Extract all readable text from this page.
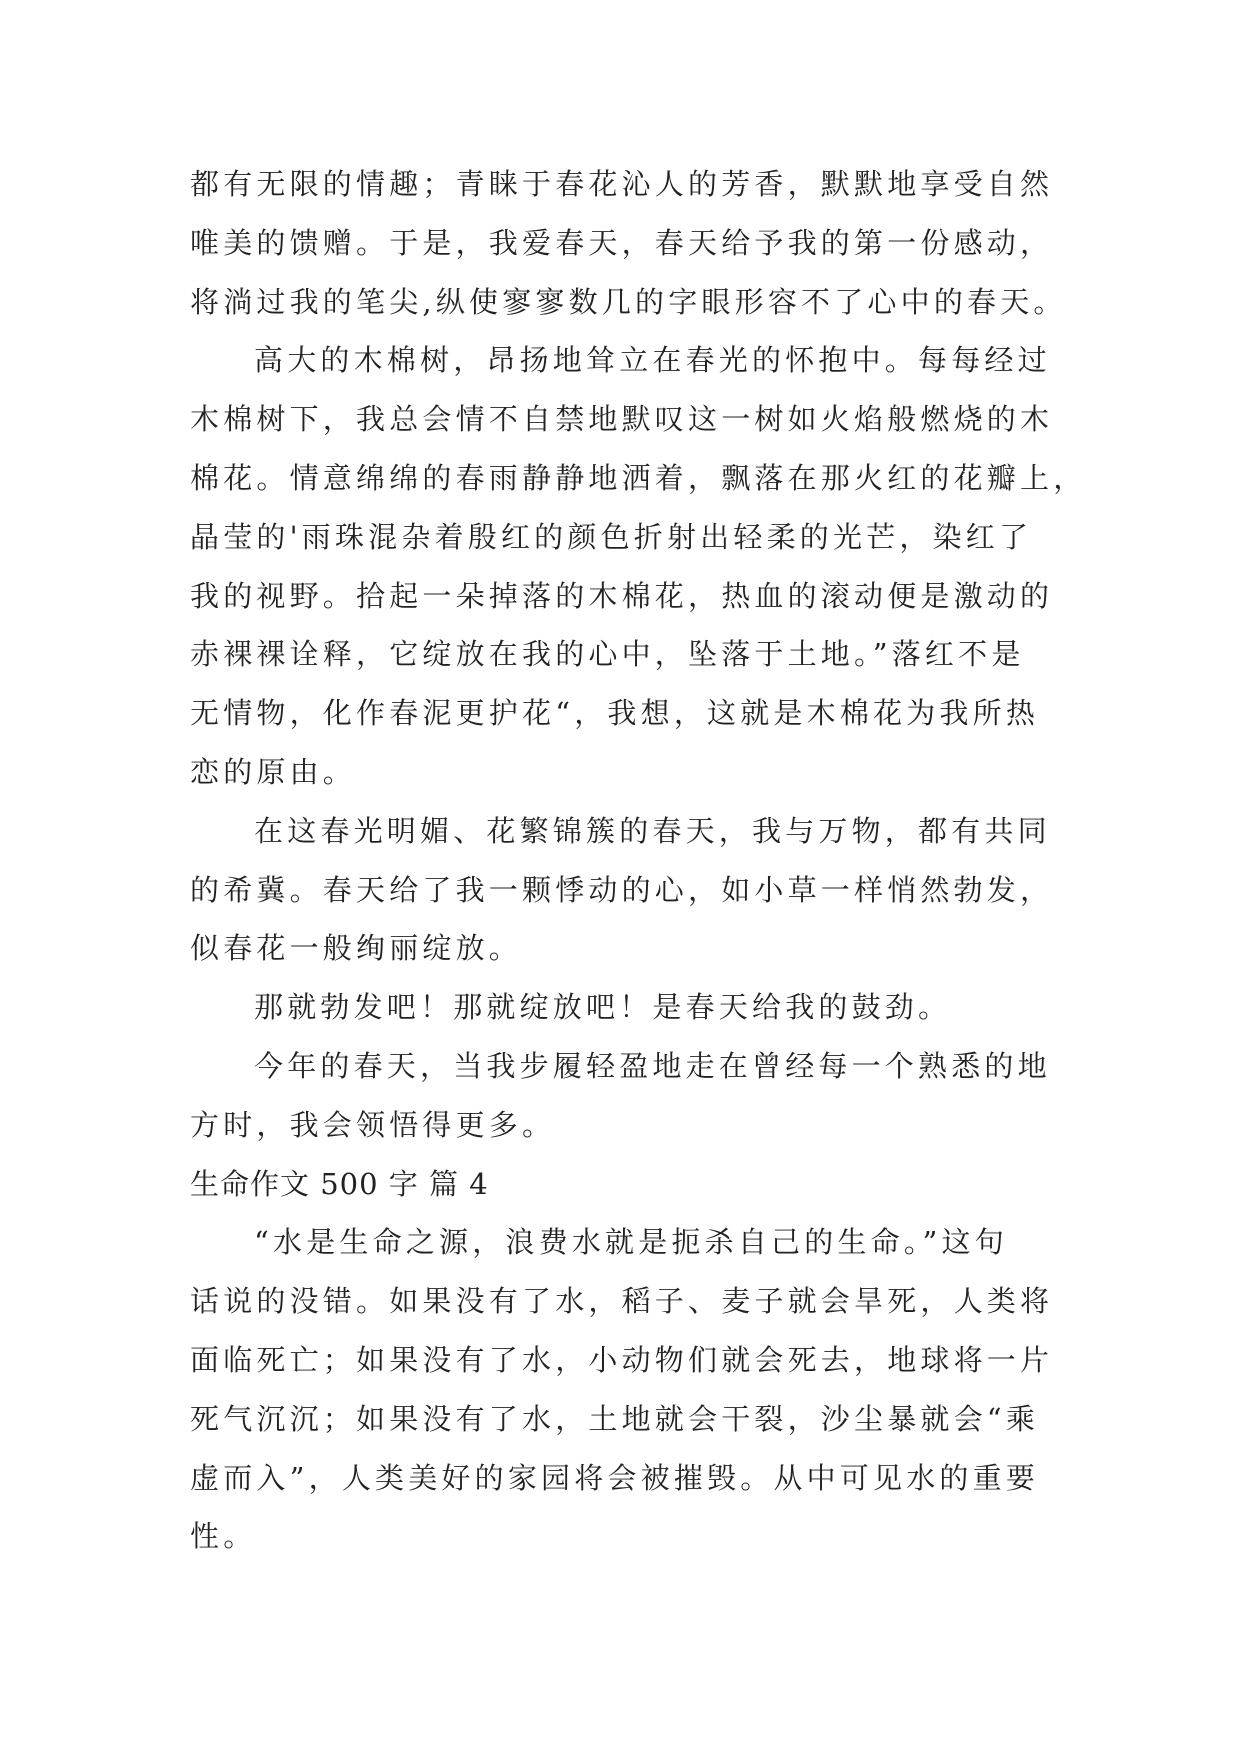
都有无限的情趣；青睐于春花沁人的芳香，默默地享受自然
唯美的馈赠。于是，我爱春天，春天给予我的第一份感动，
将淌过我的笔尖,纵使寥寥数几的字眼形容不了心中的春天。
高大的木棉树，昂扬地耸立在春光的怀抱中。每每经过
木棉树下，我总会情不自禁地默叹这一树如火焰般燃烧的木
棉花。情意绵绵的春雨静静地洒着，飘落在那火红的花瓣上，
晶莹的'雨珠混杂着殷红的颜色折射出轻柔的光芒，染红了
我的视野。拾起一朵掉落的木棉花，热血的滚动便是激动的
赤裸裸诠释，它绽放在我的心中，坠落于土地。”落红不是
无情物，化作春泥更护花“，我想，这就是木棉花为我所热
恋的原由。
在这春光明媚、花繁锦簇的春天，我与万物，都有共同
的希冀。春天给了我一颗悸动的心，如小草一样悄然勃发，
似春花一般绚丽绽放。
那就勃发吧！那就绽放吧！是春天给我的鼓劲。
今年的春天，当我步履轻盈地走在曾经每一个熟悉的地
方时，我会领悟得更多。
生命作文 500 字 篇 4
“水是生命之源，浪费水就是扼杀自己的生命。”这句
话说的没错。如果没有了水，稻子、麦子就会旱死，人类将
面临死亡；如果没有了水，小动物们就会死去，地球将一片
死气沉沉；如果没有了水，土地就会干裂，沙尘暴就会“乘
虚而入”，人类美好的家园将会被摧毁。从中可见水的重要
性。
